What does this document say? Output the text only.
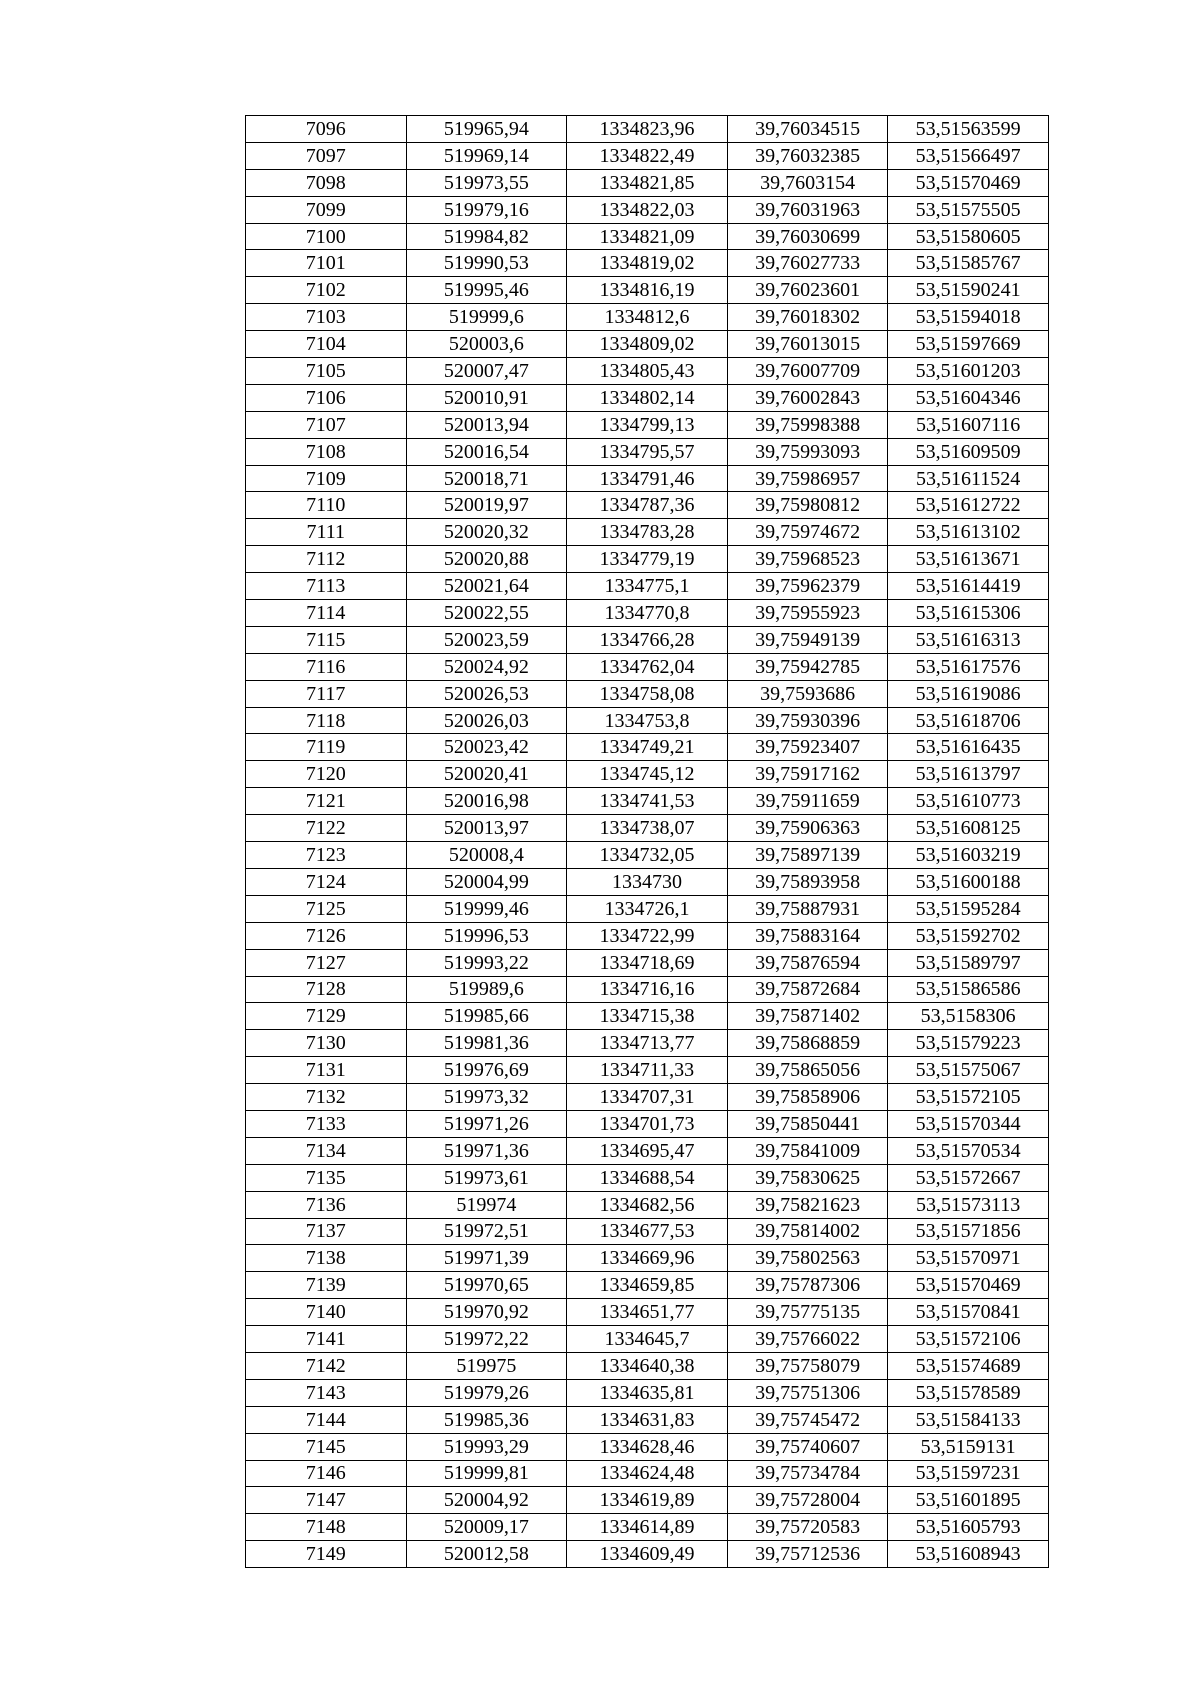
7096	519965,94	1334823,96	39,76034515	53,51563599
7097	519969,14	1334822,49	39,76032385	53,51566497
7098	519973,55	1334821,85	39,7603154	53,51570469
7099	519979,16	1334822,03	39,76031963	53,51575505
7100	519984,82	1334821,09	39,76030699	53,51580605
7101	519990,53	1334819,02	39,76027733	53,51585767
7102	519995,46	1334816,19	39,76023601	53,51590241
7103	519999,6	1334812,6	39,76018302	53,51594018
7104	520003,6	1334809,02	39,76013015	53,51597669
7105	520007,47	1334805,43	39,76007709	53,51601203
7106	520010,91	1334802,14	39,76002843	53,51604346
7107	520013,94	1334799,13	39,75998388	53,51607116
7108	520016,54	1334795,57	39,75993093	53,51609509
7109	520018,71	1334791,46	39,75986957	53,51611524
7110	520019,97	1334787,36	39,75980812	53,51612722
7111	520020,32	1334783,28	39,75974672	53,51613102
7112	520020,88	1334779,19	39,75968523	53,51613671
7113	520021,64	1334775,1	39,75962379	53,51614419
7114	520022,55	1334770,8	39,75955923	53,51615306
7115	520023,59	1334766,28	39,75949139	53,51616313
7116	520024,92	1334762,04	39,75942785	53,51617576
7117	520026,53	1334758,08	39,7593686	53,51619086
7118	520026,03	1334753,8	39,75930396	53,51618706
7119	520023,42	1334749,21	39,75923407	53,51616435
7120	520020,41	1334745,12	39,75917162	53,51613797
7121	520016,98	1334741,53	39,75911659	53,51610773
7122	520013,97	1334738,07	39,75906363	53,51608125
7123	520008,4	1334732,05	39,75897139	53,51603219
7124	520004,99	1334730	39,75893958	53,51600188
7125	519999,46	1334726,1	39,75887931	53,51595284
7126	519996,53	1334722,99	39,75883164	53,51592702
7127	519993,22	1334718,69	39,75876594	53,51589797
7128	519989,6	1334716,16	39,75872684	53,51586586
7129	519985,66	1334715,38	39,75871402	53,5158306
7130	519981,36	1334713,77	39,75868859	53,51579223
7131	519976,69	1334711,33	39,75865056	53,51575067
7132	519973,32	1334707,31	39,75858906	53,51572105
7133	519971,26	1334701,73	39,75850441	53,51570344
7134	519971,36	1334695,47	39,75841009	53,51570534
7135	519973,61	1334688,54	39,75830625	53,51572667
7136	519974	1334682,56	39,75821623	53,51573113
7137	519972,51	1334677,53	39,75814002	53,51571856
7138	519971,39	1334669,96	39,75802563	53,51570971
7139	519970,65	1334659,85	39,75787306	53,51570469
7140	519970,92	1334651,77	39,75775135	53,51570841
7141	519972,22	1334645,7	39,75766022	53,51572106
7142	519975	1334640,38	39,75758079	53,51574689
7143	519979,26	1334635,81	39,75751306	53,51578589
7144	519985,36	1334631,83	39,75745472	53,51584133
7145	519993,29	1334628,46	39,75740607	53,5159131
7146	519999,81	1334624,48	39,75734784	53,51597231
7147	520004,92	1334619,89	39,75728004	53,51601895
7148	520009,17	1334614,89	39,75720583	53,51605793
7149	520012,58	1334609,49	39,75712536	53,51608943
